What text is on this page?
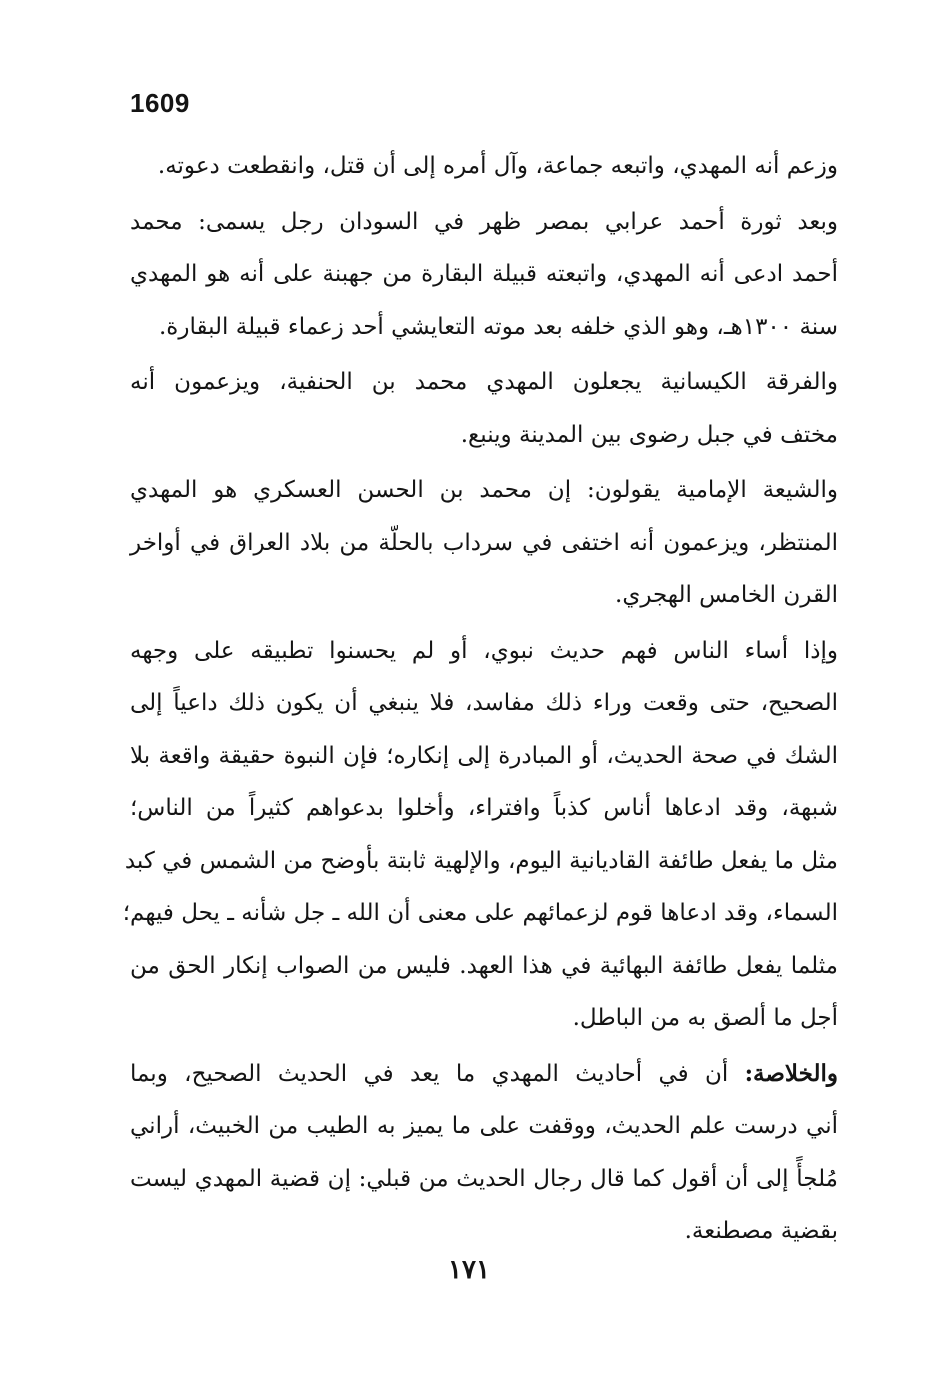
1609
وزعم أنه المهدي، واتبعه جماعة، وآل أمره إلى أن قتل، وانقطعت دعوته.
وبعد ثورة أحمد عرابي بمصر ظهر في السودان رجل يسمى: محمد
أحمد ادعى أنه المهدي، واتبعته قبيلة البقارة من جهبنة على أنه هو المهدي
سنة ١٣٠٠هـ، وهو الذي خلفه بعد موته التعايشي أحد زعماء قبيلة البقارة.
والفرقة الكيسانية يجعلون المهدي محمد بن الحنفية، ويزعمون أنه
مختف في جبل رضوى بين المدينة وينبع.
والشيعة الإمامية يقولون: إن محمد بن الحسن العسكري هو المهدي
المنتظر، ويزعمون أنه اختفى في سرداب بالحلّة من بلاد العراق في أواخر
القرن الخامس الهجري.
وإذا أساء الناس فهم حديث نبوي، أو لم يحسنوا تطبيقه على وجهه
الصحيح، حتى وقعت وراء ذلك مفاسد، فلا ينبغي أن يكون ذلك داعياً إلى
الشك في صحة الحديث، أو المبادرة إلى إنكاره؛ فإن النبوة حقيقة واقعة بلا
شبهة، وقد ادعاها أناس كذباً وافتراء، وأخلوا بدعواهم كثيراً من الناس؛
مثل ما يفعل طائفة القاديانية اليوم، والإلهية ثابتة بأوضح من الشمس في كبد
السماء، وقد ادعاها قوم لزعمائهم على معنى أن الله ـ جل شأنه ـ يحل فيهم؛
مثلما يفعل طائفة البهائية في هذا العهد. فليس من الصواب إنكار الحق من
أجل ما ألصق به من الباطل.
والخلاصة: أن في أحاديث المهدي ما يعد في الحديث الصحيح، وبما
أني درست علم الحديث، ووقفت على ما يميز به الطيب من الخبيث، أراني
مُلجأً إلى أن أقول كما قال رجال الحديث من قبلي: إن قضية المهدي ليست
بقضية مصطنعة.
١٧١
